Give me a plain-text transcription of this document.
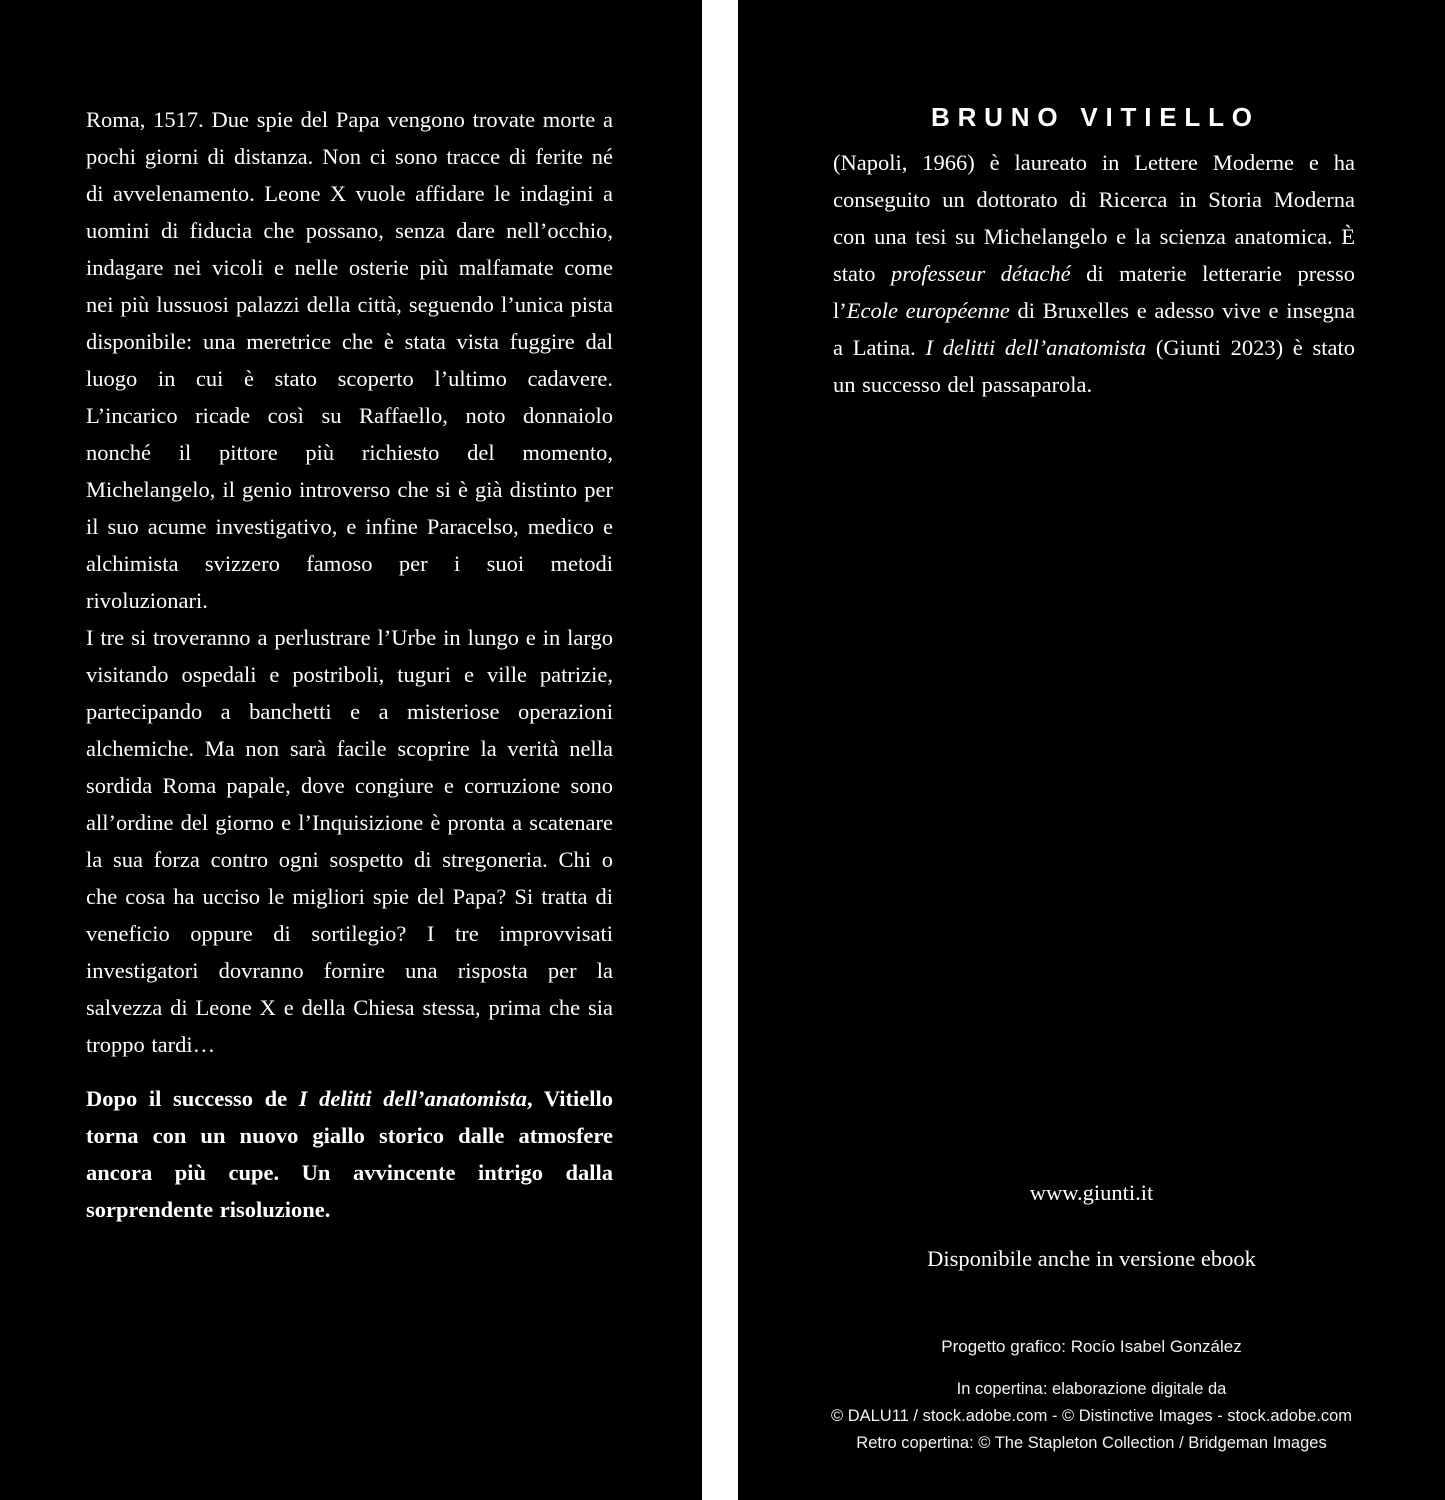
Roma, 1517. Due spie del Papa vengono trovate morte a pochi giorni di distanza. Non ci sono tracce di ferite né di avvelenamento. Leone X vuole affidare le indagini a uomini di fiducia che possano, senza dare nell’occhio, indagare nei vicoli e nelle osterie più malfamate come nei più lussuosi palazzi della città, seguendo l’unica pista disponibile: una meretrice che è stata vista fuggire dal luogo in cui è stato scoperto l’ultimo cadavere. L’incarico ricade così su Raffaello, noto donnaiolo nonché il pittore più richiesto del momento, Michelangelo, il genio introverso che si è già distinto per il suo acume investigativo, e infine Paracelso, medico e alchimista svizzero famoso per i suoi metodi rivoluzionari.

I tre si troveranno a perlustrare l’Urbe in lungo e in largo visitando ospedali e postriboli, tuguri e ville patrizie, partecipando a banchetti e a misteriose operazioni alchemiche. Ma non sarà facile scoprire la verità nella sordida Roma papale, dove congiure e corruzione sono all’ordine del giorno e l’Inquisizione è pronta a scatenare la sua forza contro ogni sospetto di stregoneria. Chi o che cosa ha ucciso le migliori spie del Papa? Si tratta di veneficio oppure di sortilegio? I tre improvvisati investigatori dovranno fornire una risposta per la salvezza di Leone X e della Chiesa stessa, prima che sia troppo tardi…

Dopo il successo de I delitti dell’anatomista, Vitiello torna con un nuovo giallo storico dalle atmosfere ancora più cupe. Un avvincente intrigo dalla sorprendente risoluzione.

BRUNO VITIELLO

(Napoli, 1966) è laureato in Lettere Moderne e ha conseguito un dottorato di Ricerca in Storia Moderna con una tesi su Michelangelo e la scienza anatomica. È stato professeur détaché di materie letterarie presso l’Ecole européenne di Bruxelles e adesso vive e insegna a Latina. I delitti dell’anatomista (Giunti 2023) è stato un successo del passaparola.

www.giunti.it
Disponibile anche in versione ebook
Progetto grafico: Rocío Isabel González
In copertina: elaborazione digitale da
© DALU11 / stock.adobe.com - © Distinctive Images - stock.adobe.com
Retro copertina: © The Stapleton Collection / Bridgeman Images
